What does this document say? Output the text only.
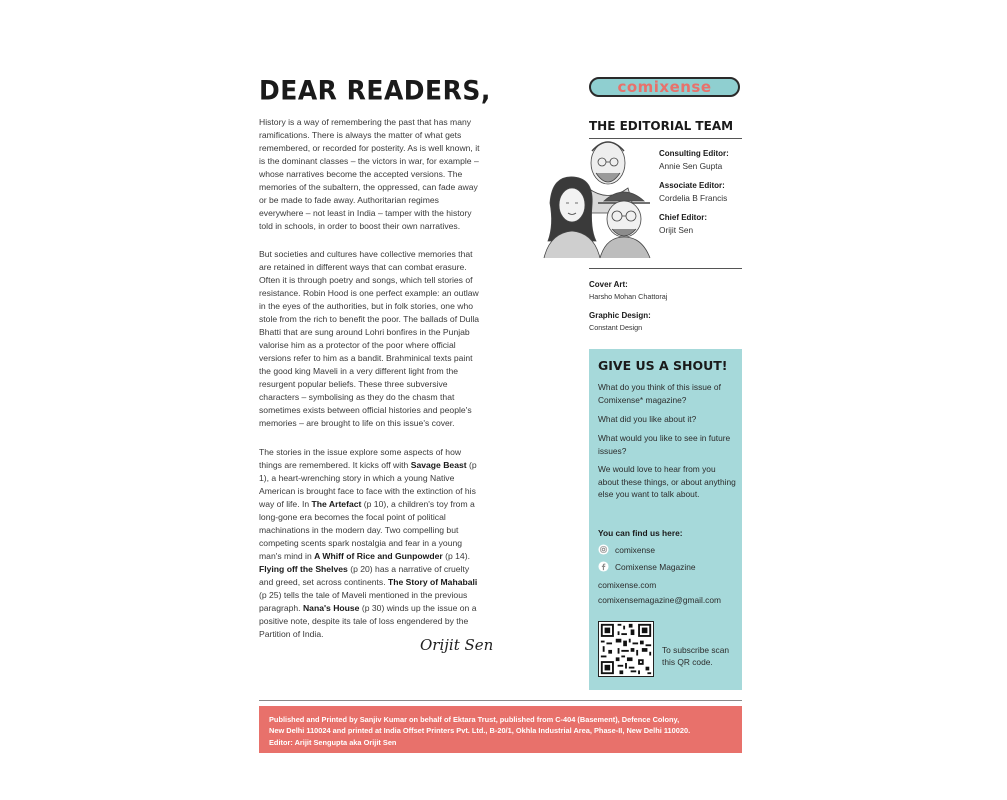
DEAR READERS,

History is a way of remembering the past that has many ramifications. There is always the matter of what gets remembered, or recorded for posterity. As is well known, it is the dominant classes – the victors in war, for example – whose narratives become the accepted versions. The memories of the subaltern, the oppressed, can fade away or be made to fade away. Authoritarian regimes everywhere – not least in India – tamper with the history told in schools, in order to boost their own narratives.

But societies and cultures have collective memories that are retained in different ways that can combat erasure. Often it is through poetry and songs, which tell stories of resistance. Robin Hood is one perfect example: an outlaw in the eyes of the authorities, but in folk stories, one who stole from the rich to benefit the poor. The ballads of Dulla Bhatti that are sung around Lohri bonfires in the Punjab valorise him as a protector of the poor where official versions refer to him as a bandit. Brahminical texts paint the good king Maveli in a very different light from the resurgent popular beliefs. These three subversive characters – symbolising as they do the chasm that sometimes exists between official histories and people's memories – are brought to life on this issue's cover.

The stories in the issue explore some aspects of how things are remembered. It kicks off with Savage Beast (p 1), a heart-wrenching story in which a young Native American is brought face to face with the extinction of his way of life. In The Artefact (p 10), a children's toy from a long-gone era becomes the focal point of political machinations in the modern day. Two compelling but competing scents spark nostalgia and fear in a young man's mind in A Whiff of Rice and Gunpowder (p 14). Flying off the Shelves (p 20) has a narrative of cruelty and greed, set across continents. The Story of Mahabali (p 25) tells the tale of Maveli mentioned in the previous paragraph. Nana's House (p 30) winds up the issue on a positive note, despite its tale of loss engendered by the Partition of India.

Orijit Sen
comixense
THE EDITORIAL TEAM
Consulting Editor:
Annie Sen Gupta
Associate Editor:
Cordelia B Francis
Chief Editor:
Orijit Sen
Cover Art:
Harsho Mohan Chattoraj
Graphic Design:
Constant Design
GIVE US A SHOUT!
What do you think of this issue of Comixense* magazine?
What did you like about it?
What would you like to see in future issues?
We would love to hear from you about these things, or about anything else you want to talk about.
You can find us here:
comixense
Comixense Magazine
comixense.com
comixensemagazine@gmail.com
To subscribe scan this QR code.

Published and Printed by Sanjiv Kumar on behalf of Ektara Trust, published from C-404 (Basement), Defence Colony,

New Delhi 110024 and printed at India Offset Printers Pvt. Ltd., B-20/1, Okhla Industrial Area, Phase-II, New Delhi 110020.

Editor: Arijit Sengupta aka Orijit Sen
